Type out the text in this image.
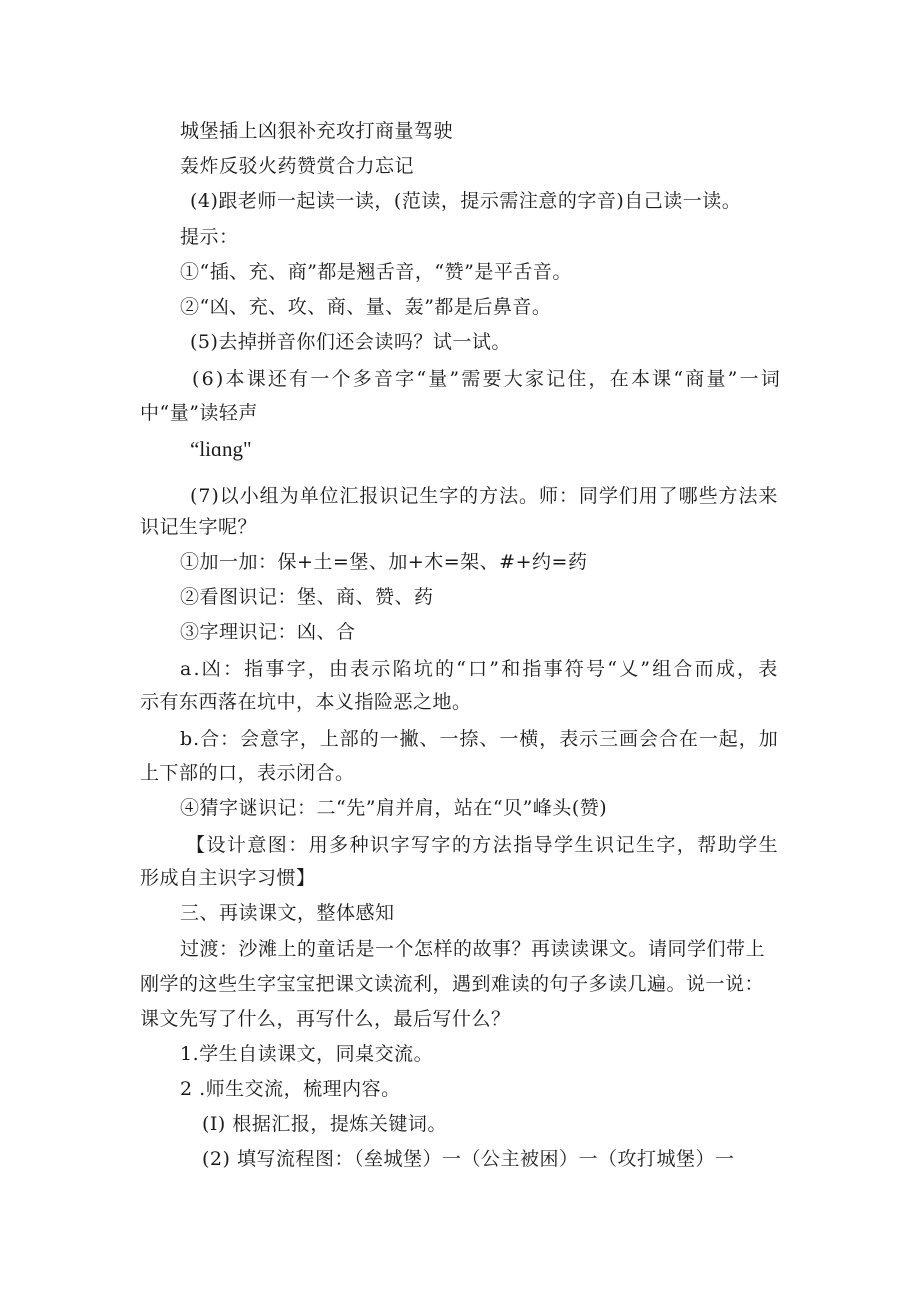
城堡插上凶狠补充攻打商量驾驶
轰炸反驳火药赞赏合力忘记
(4)跟老师一起读一读，(范读，提示需注意的字音)自己读一读。
提示：
①“插、充、商”都是翘舌音，“赞”是平舌音。
②“凶、充、攻、商、量、轰”都是后鼻音。
(5)去掉拼音你们还会读吗？试一试。
(6)本课还有一个多音字“量”需要大家记住，在本课“商量”一词
中“量”读轻声
“liɑng"
(7)以小组为单位汇报识记生字的方法。师：同学们用了哪些方法来
识记生字呢？
①加一加：保+土=堡、加+木=架、#+约=药
②看图识记：堡、商、赞、药
③字理识记：凶、合
a.凶：指事字，由表示陷坑的“口”和指事符号“乂”组合而成，表
示有东西落在坑中，本义指险恶之地。
b.合：会意字，上部的一撇、一捺、一横，表示三画会合在一起，加
上下部的口，表示闭合。
④猜字谜识记：二“先”肩并肩，站在“贝”峰头(赞)
【设计意图：用多种识字写字的方法指导学生识记生字，帮助学生
形成自主识字习惯】
三、再读课文，整体感知
过渡：沙滩上的童话是一个怎样的故事？再读读课文。请同学们带上
刚学的这些生字宝宝把课文读流利，遇到难读的句子多读几遍。说一说：
课文先写了什么，再写什么，最后写什么？
1.学生自读课文，同桌交流。
2 .师生交流，梳理内容。
(I) 根据汇报，提炼关键词。
(2) 填写流程图：（垒城堡）一（公主被困）一（攻打城堡）一
